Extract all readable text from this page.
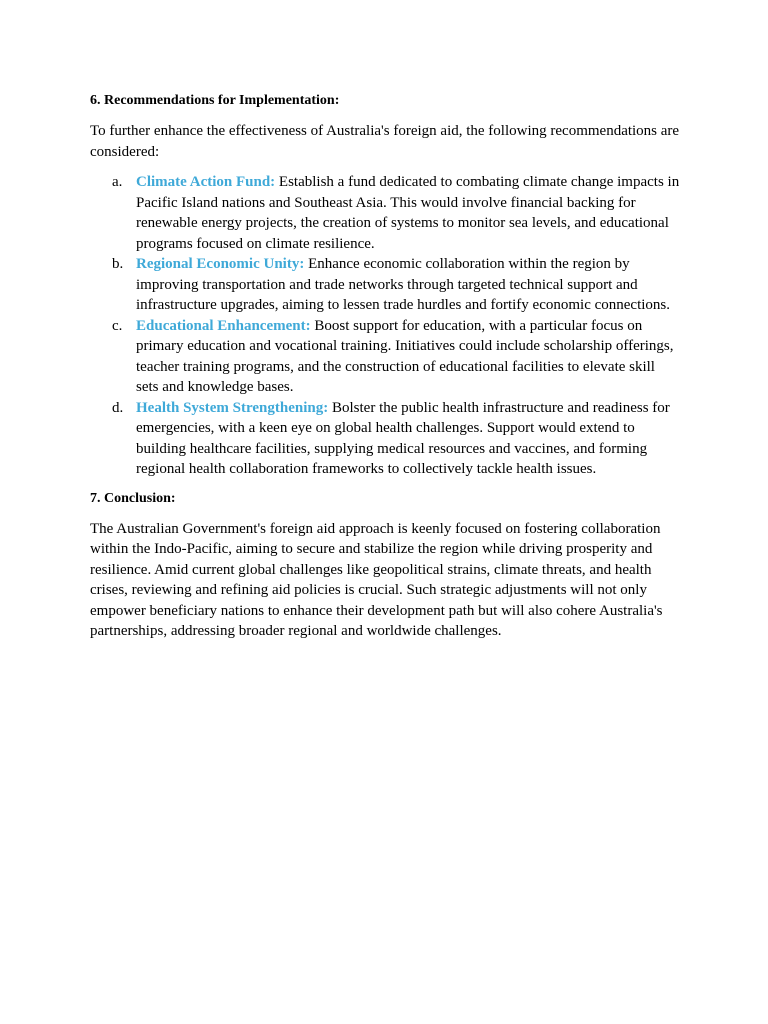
6. Recommendations for Implementation:

To further enhance the effectiveness of Australia's foreign aid, the following recommendations are considered:

a. Climate Action Fund: Establish a fund dedicated to combating climate change impacts in Pacific Island nations and Southeast Asia. This would involve financial backing for renewable energy projects, the creation of systems to monitor sea levels, and educational programs focused on climate resilience.
b. Regional Economic Unity: Enhance economic collaboration within the region by improving transportation and trade networks through targeted technical support and infrastructure upgrades, aiming to lessen trade hurdles and fortify economic connections.
c. Educational Enhancement: Boost support for education, with a particular focus on primary education and vocational training. Initiatives could include scholarship offerings, teacher training programs, and the construction of educational facilities to elevate skill sets and knowledge bases.
d. Health System Strengthening: Bolster the public health infrastructure and readiness for emergencies, with a keen eye on global health challenges. Support would extend to building healthcare facilities, supplying medical resources and vaccines, and forming regional health collaboration frameworks to collectively tackle health issues.
7. Conclusion:

The Australian Government's foreign aid approach is keenly focused on fostering collaboration within the Indo-Pacific, aiming to secure and stabilize the region while driving prosperity and resilience. Amid current global challenges like geopolitical strains, climate threats, and health crises, reviewing and refining aid policies is crucial. Such strategic adjustments will not only empower beneficiary nations to enhance their development path but will also cohere Australia's partnerships, addressing broader regional and worldwide challenges.
